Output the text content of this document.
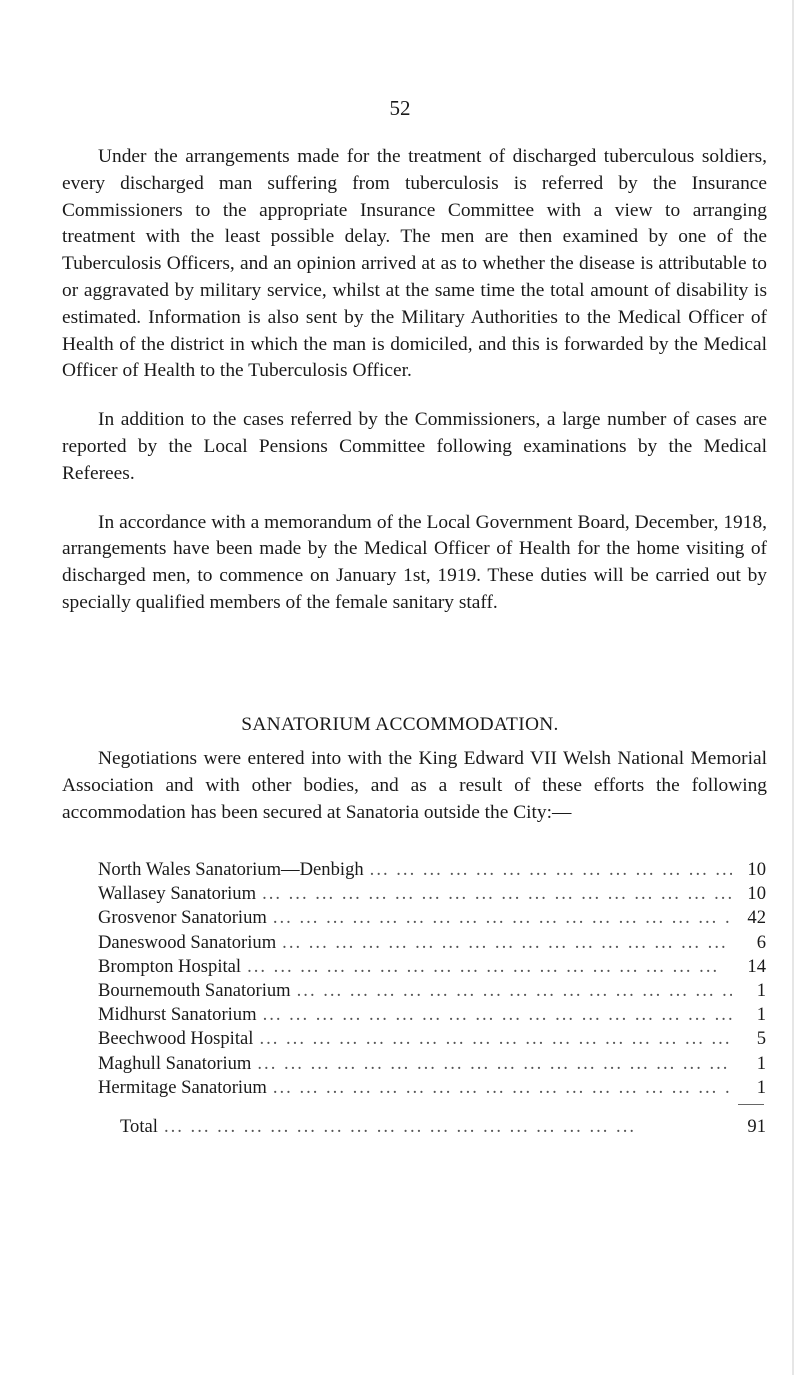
52

Under the arrangements made for the treatment of discharged tuberculous soldiers, every discharged man suffering from tuberculosis is referred by the Insurance Commissioners to the appropriate Insurance Committee with a view to arranging treatment with the least possible delay. The men are then examined by one of the Tuberculosis Officers, and an opinion arrived at as to whether the disease is attributable to or aggravated by military service, whilst at the same time the total amount of disability is estimated. Information is also sent by the Military Authorities to the Medical Officer of Health of the district in which the man is domiciled, and this is forwarded by the Medical Officer of Health to the Tuberculosis Officer.

In addition to the cases referred by the Commissioners, a large number of cases are reported by the Local Pensions Committee following examinations by the Medical Referees.

In accordance with a memorandum of the Local Government Board, December, 1918, arrangements have been made by the Medical Officer of Health for the home visiting of discharged men, to commence on January 1st, 1919. These duties will be carried out by specially qualified members of the female sanitary staff.

SANATORIUM ACCOMMODATION.

Negotiations were entered into with the King Edward VII Welsh National Memorial Association and with other bodies, and as a result of these efforts the following accommodation has been secured at Sanatoria outside the City:—

North Wales Sanatorium—Denbigh ... .	10
Wallasey Sanatorium ... .	10
Grosvenor Sanatorium ... .	42
Daneswood Sanatorium ... .	6
Brompton Hospital ... .	14
Bournemouth Sanatorium ... .	1
Midhurst Sanatorium ... .	1
Beechwood Hospital ... .	5
Maghull Sanatorium ... .	1
Hermitage Sanatorium ... .	1
Total ... .	91
